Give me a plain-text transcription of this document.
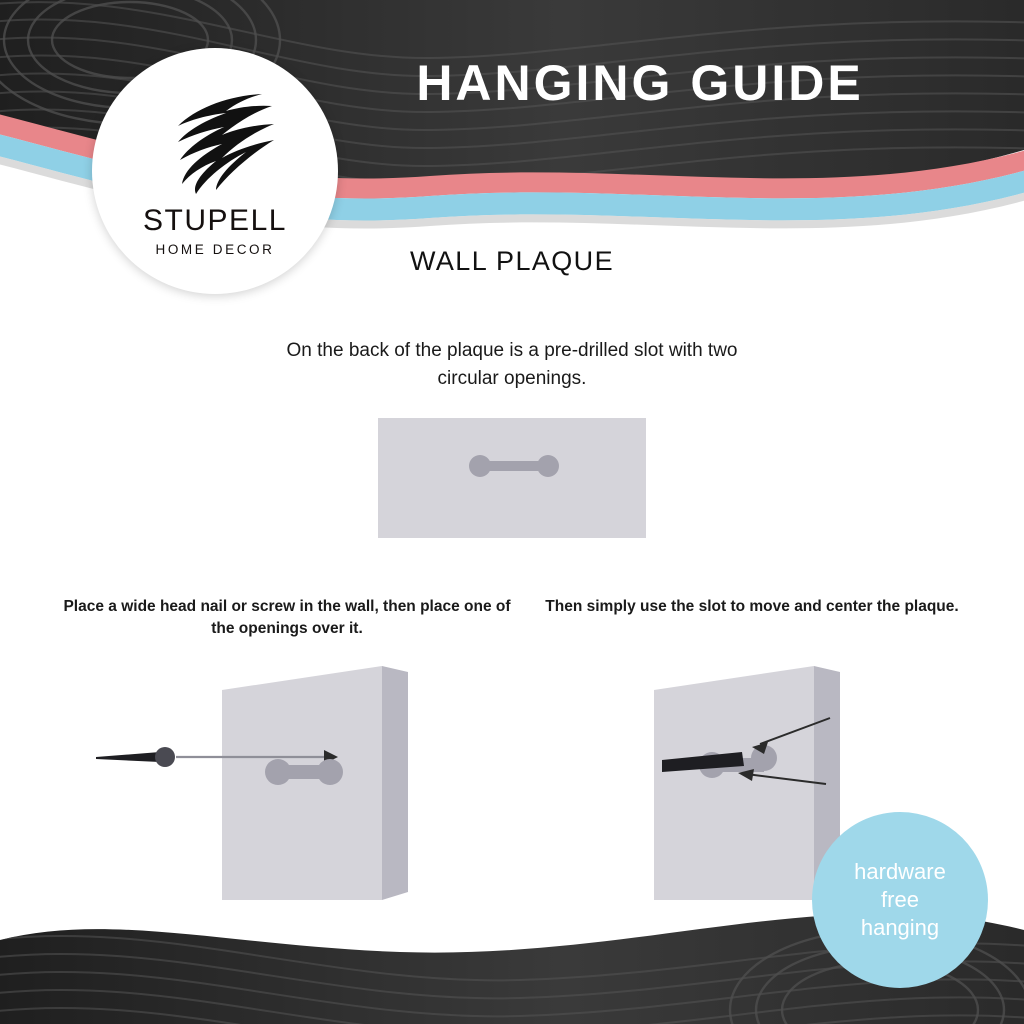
HANGING GUIDE
STUPELL
HOME DECOR	WALL PLAQUE
On the back of the plaque is a pre-drilled slot with two circular openings.
Place a wide head nail or screw in the wall, then place one of the openings over it.
Then simply use the slot to move and center the plaque.
hardware
free
hanging
